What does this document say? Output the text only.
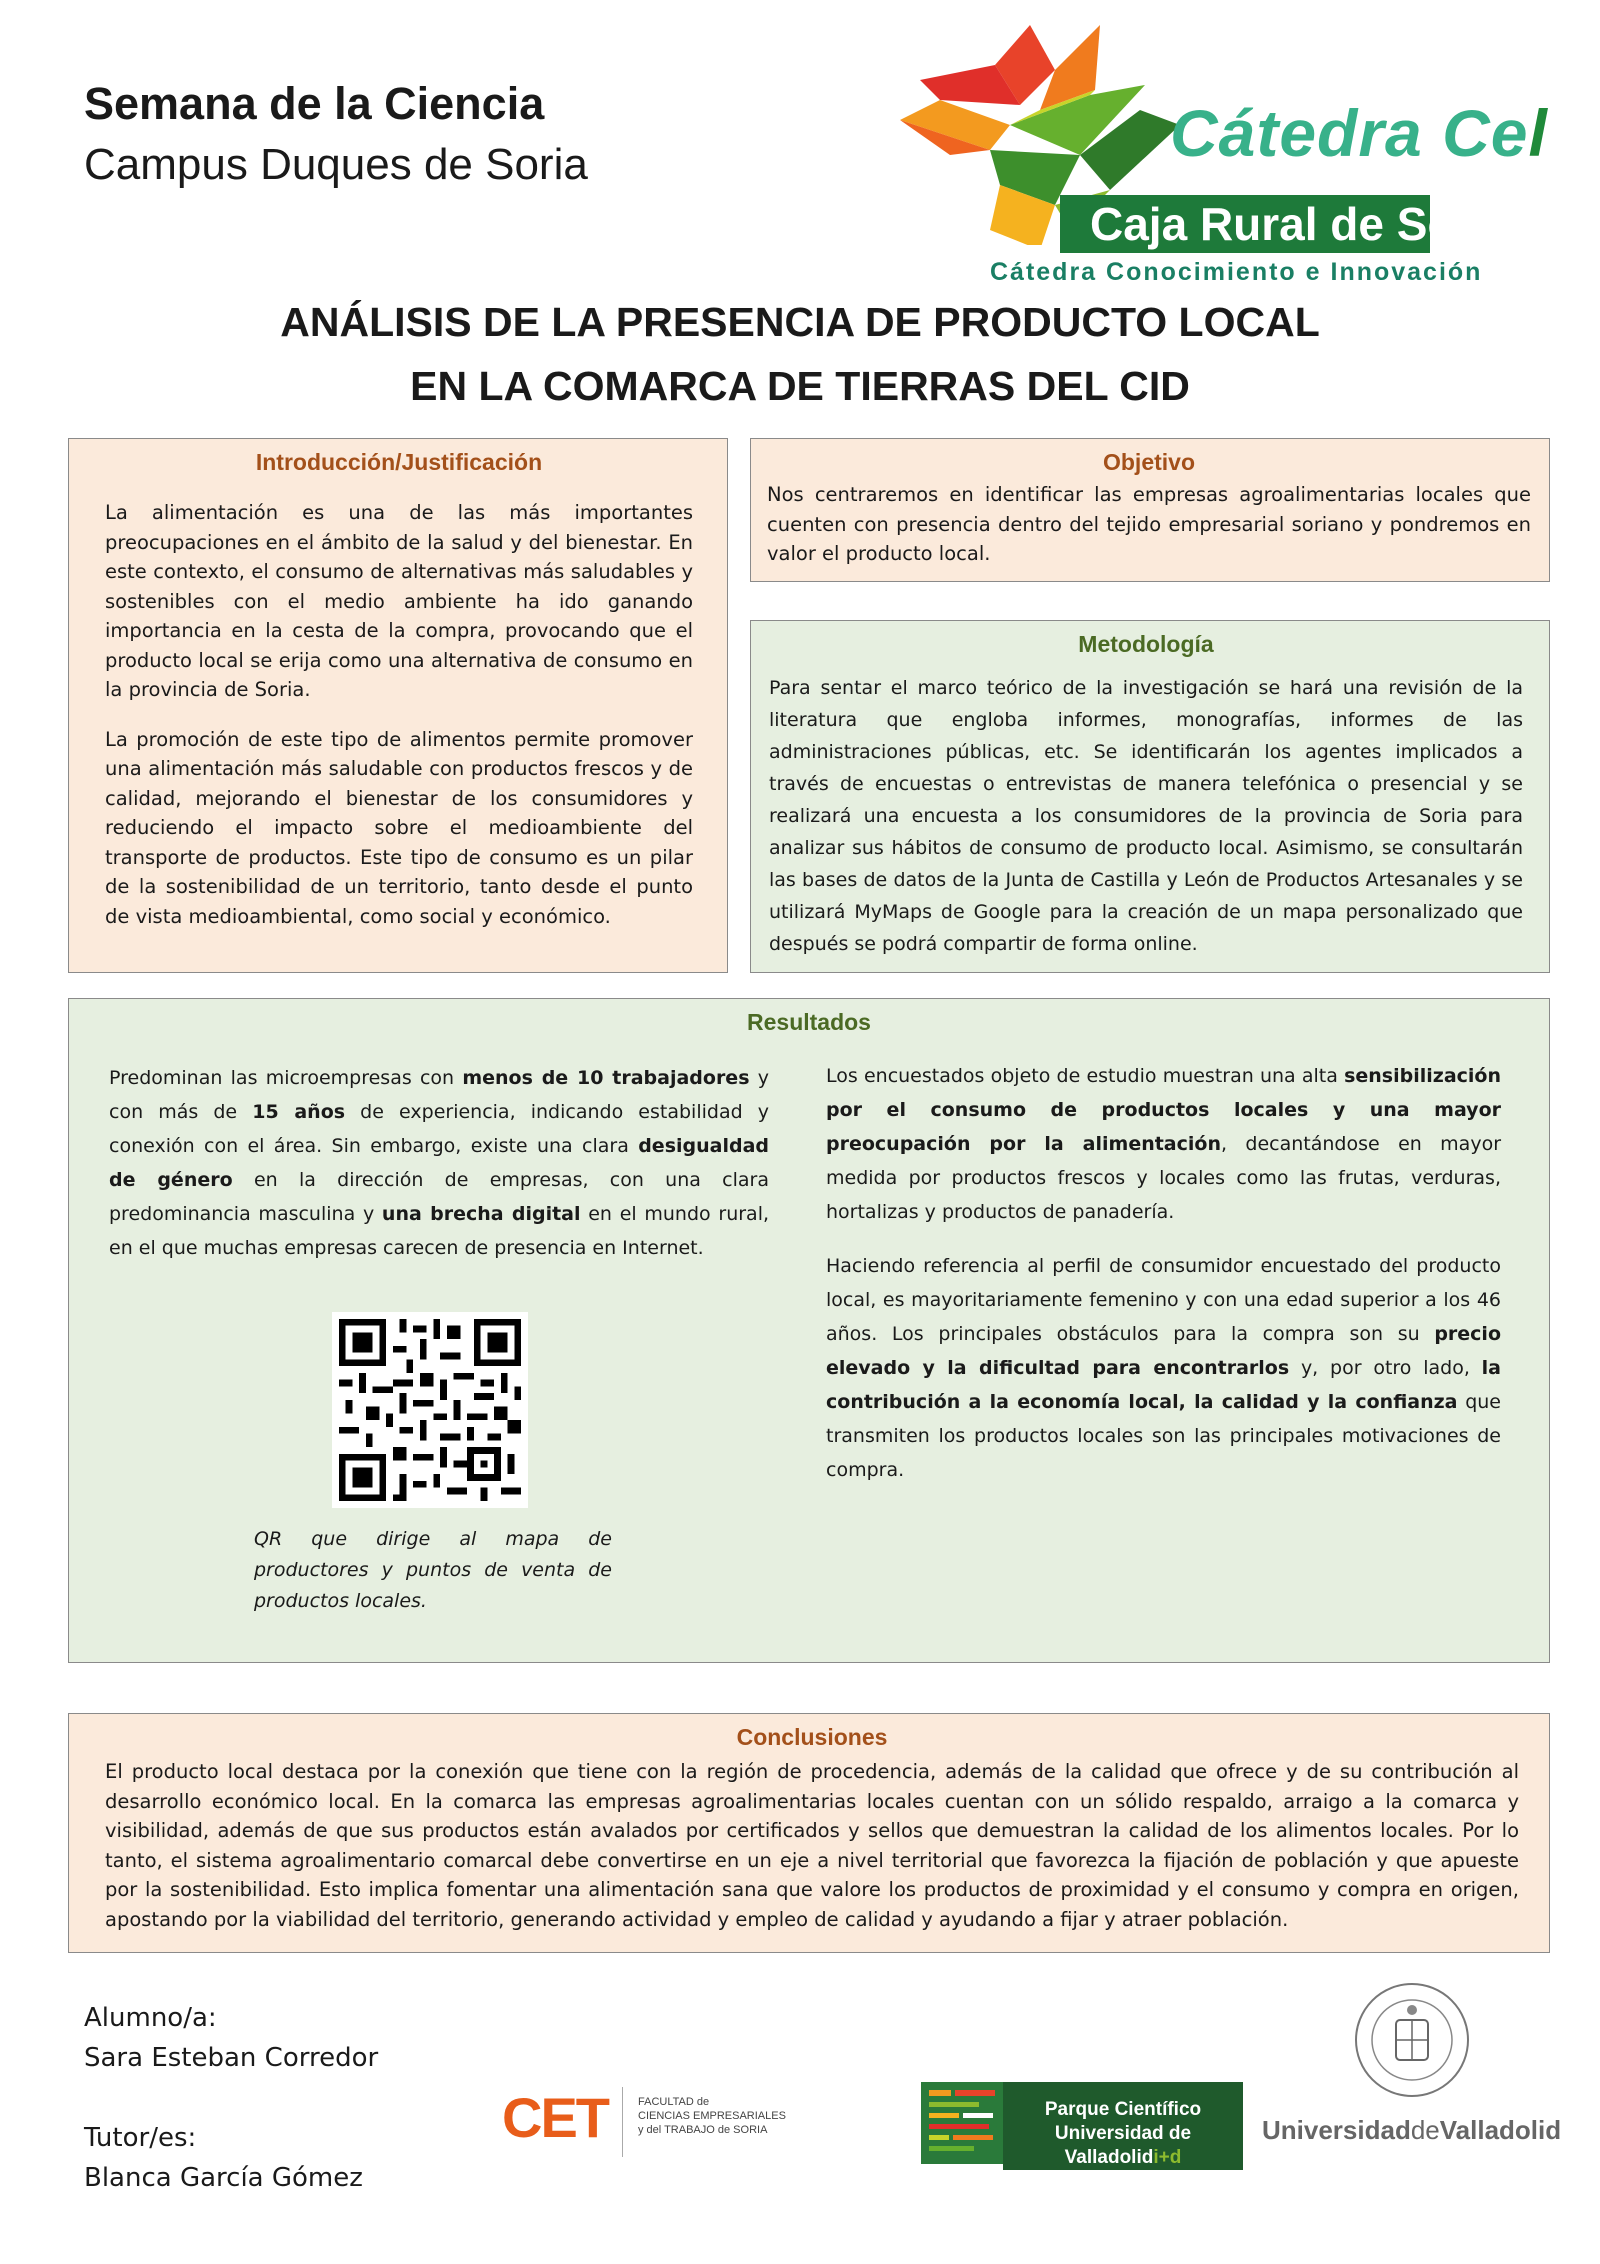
Semana de la Ciencia
Campus Duques de Soria	Cátedra Cel
Caja Rural de Soria
Cátedra Conocimiento e Innovación
ANÁLISIS DE LA PRESENCIA DE PRODUCTO LOCAL
EN LA COMARCA DE TIERRAS DEL CID
Introducción/Justificación

La alimentación es una de las más importantes preocupaciones en el ámbito de la salud y del bienestar. En este contexto, el consumo de alternativas más saludables y sostenibles con el medio ambiente ha ido ganando importancia en la cesta de la compra, provocando que el producto local se erija como una alternativa de consumo en la provincia de Soria.

La promoción de este tipo de alimentos permite promover una alimentación más saludable con productos frescos y de calidad, mejorando el bienestar de los consumidores y reduciendo el impacto sobre el medioambiente del transporte de productos. Este tipo de consumo es un pilar de la sostenibilidad de un territorio, tanto desde el punto de vista medioambiental, como social y económico.

Objetivo

Nos centraremos en identificar las empresas agroalimentarias locales que cuenten con presencia dentro del tejido empresarial soriano y pondremos en valor el producto local.

Metodología

Para sentar el marco teórico de la investigación se hará una revisión de la literatura que engloba informes, monografías, informes de las administraciones públicas, etc. Se identificarán los agentes implicados a través de encuestas o entrevistas de manera telefónica o presencial y se realizará una encuesta a los consumidores de la provincia de Soria para analizar sus hábitos de consumo de producto local. Asimismo, se consultarán las bases de datos de la Junta de Castilla y León de Productos Artesanales y se utilizará MyMaps de Google para la creación de un mapa personalizado que después se podrá compartir de forma online.

Resultados

Predominan las microempresas con menos de 10 trabajadores y con más de 15 años de experiencia, indicando estabilidad y conexión con el área. Sin embargo, existe una clara desigualdad de género en la dirección de empresas, con una clara predominancia masculina y una brecha digital en el mundo rural, en el que muchas empresas carecen de presencia en Internet.

QR que dirige al mapa de productores y puntos de venta de productos locales.

Los encuestados objeto de estudio muestran una alta sensibilización por el consumo de productos locales y una mayor preocupación por la alimentación, decantándose en mayor medida por productos frescos y locales como las frutas, verduras, hortalizas y productos de panadería.

Haciendo referencia al perfil de consumidor encuestado del producto local, es mayoritariamente femenino y con una edad superior a los 46 años. Los principales obstáculos para la compra son su precio elevado y la dificultad para encontrarlos y, por otro lado, la contribución a la economía local, la calidad y la confianza que transmiten los productos locales son las principales motivaciones de compra.

Conclusiones

El producto local destaca por la conexión que tiene con la región de procedencia, además de la calidad que ofrece y de su contribución al desarrollo económico local. En la comarca las empresas agroalimentarias locales cuentan con un sólido respaldo, arraigo a la comarca y visibilidad, además de que sus productos están avalados por certificados y sellos que demuestran la calidad de los alimentos locales. Por lo tanto, el sistema agroalimentario comarcal debe convertirse en un eje a nivel territorial que favorezca la fijación de población y que apueste por la sostenibilidad. Esto implica fomentar una alimentación sana que valore los productos de proximidad y el consumo y compra en origen, apostando por la viabilidad del territorio, generando actividad y empleo de calidad y ayudando a fijar y atraer población.

Alumno/a:
Sara Esteban Corredor
Tutor/es:
Blanca García Gómez
CET	FACULTAD de
CIENCIAS EMPRESARIALES
y del TRABAJO de SORIA
Parque Científico
Universidad de Valladolidi+d
UniversidaddeValladolid
